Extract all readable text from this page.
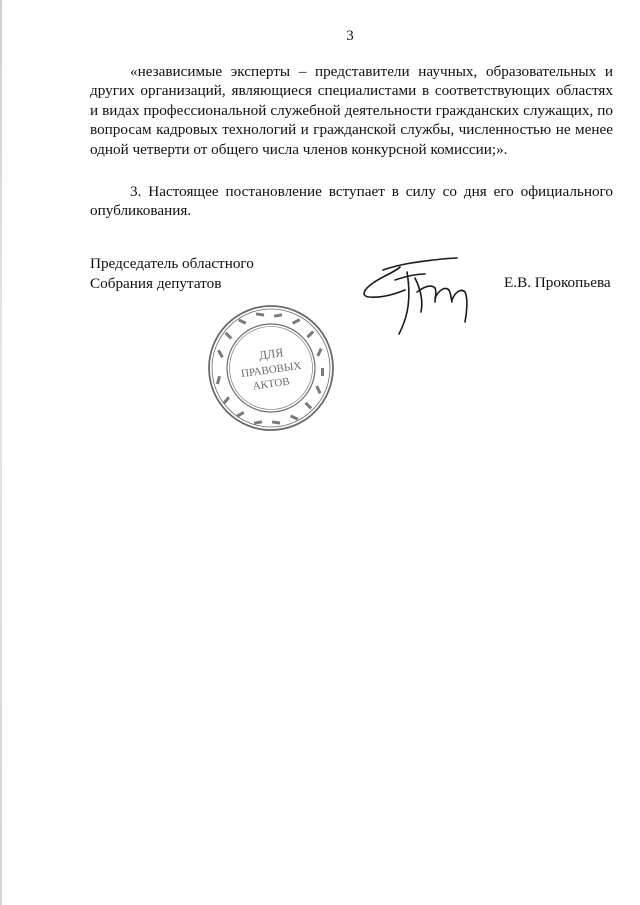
3

«независимые эксперты – представители научных, образовательных и других организаций, являющиеся специалистами в соответствующих областях и видах профессиональной служебной деятельности гражданских служащих, по вопросам кадровых технологий и гражданской службы, численностью не менее одной четверти от общего числа членов конкурсной комиссии;».

3. Настоящее постановление вступает в силу со дня его официального опубликования.

Председатель областного
Собрания депутатов	Е.В. Прокопьева
ДЛЯ
ПРАВОВЫХ
АКТОВ
